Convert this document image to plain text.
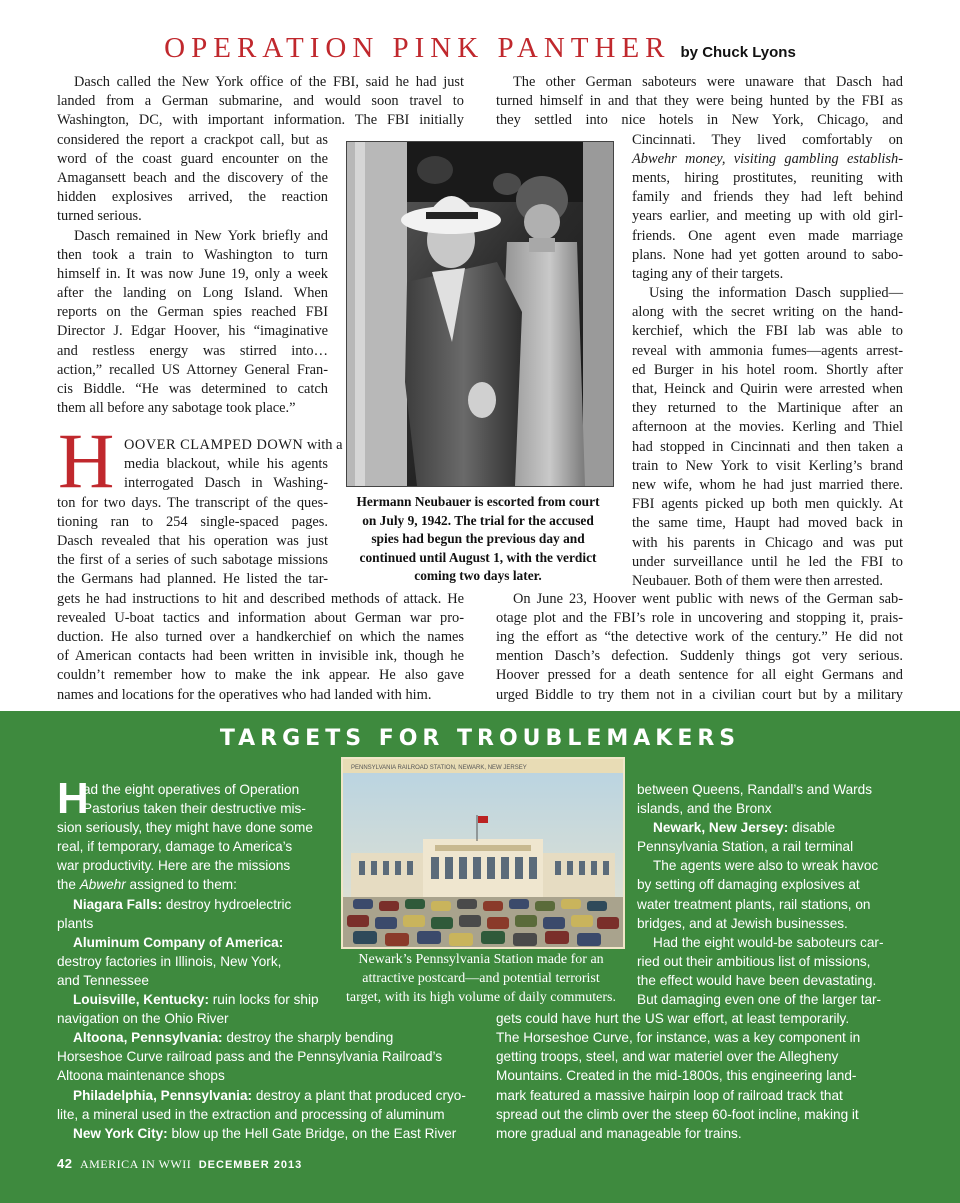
OPERATION PINK PANTHER by Chuck Lyons
Dasch called the New York office of the FBI, said he had just
landed from a German submarine, and would soon travel to
Washington, DC, with important information. The FBI initially
considered the report a crackpot call, but as
word of the coast guard encounter on the
Amagansett beach and the discovery of the
hidden explosives arrived, the reaction
turned serious.
Dasch remained in New York briefly and
then took a train to Washington to turn
himself in. It was now June 19, only a week
after the landing on Long Island. When
reports on the German spies reached FBI
Director J. Edgar Hoover, his “imaginative
and restless energy was stirred into…
action,” recalled US Attorney General Fran-
cis Biddle. “He was determined to catch
them all before any sabotage took place.”
H OOVER CLAMPED DOWN with a
media blackout, while his agents
interrogated Dasch in Washing-
ton for two days. The transcript of the ques-
tioning ran to 254 single-spaced pages.
Dasch revealed that his operation was just
the first of a series of such sabotage missions
the Germans had planned. He listed the tar-
gets he had instructions to hit and described methods of attack. He
revealed U-boat tactics and information about German war pro-
duction. He also turned over a handkerchief on which the names
of American contacts had been written in invisible ink, though he
couldn’t remember how to make the ink appear. He also gave
names and locations for the operatives who had landed with him.
Hermann Neubauer is escorted from court
on July 9, 1942. The trial for the accused
spies had begun the previous day and
continued until August 1, with the verdict
coming two days later.
The other German saboteurs were unaware that Dasch had
turned himself in and that they were being hunted by the FBI as
they settled into nice hotels in New York, Chicago, and
Cincinnati. They lived comfortably on
Abwehr money, visiting gambling establish-
ments, hiring prostitutes, reuniting with
family and friends they had left behind
years earlier, and meeting up with old girl-
friends. One agent even made marriage
plans. None had yet gotten around to sabo-
taging any of their targets.
Using the information Dasch supplied—
along with the secret writing on the hand-
kerchief, which the FBI lab was able to
reveal with ammonia fumes—agents arrest-
ed Burger in his hotel room. Shortly after
that, Heinck and Quirin were arrested when
they returned to the Martinique after an
afternoon at the movies. Kerling and Thiel
had stopped in Cincinnati and then taken a
train to New York to visit Kerling’s brand
new wife, whom he had just married there.
FBI agents picked up both men quickly. At
the same time, Haupt had moved back in
with his parents in Chicago and was put
under surveillance until he led the FBI to
Neubauer. Both of them were then arrested.
On June 23, Hoover went public with news of the German sab-
otage plot and the FBI’s role in uncovering and stopping it, prais-
ing the effort as “the detective work of the century.” He did not
mention Dasch’s defection. Suddenly things got very serious.
Hoover pressed for a death sentence for all eight Germans and
urged Biddle to try them not in a civilian court but by a military
TARGETS FOR TROUBLEMAKERS
H
ad the eight operatives of Operation
Pastorius taken their destructive mis-
sion seriously, they might have done some
real, if temporary, damage to America’s
war productivity. Here are the missions
the Abwehr assigned to them:
Niagara Falls: destroy hydroelectric
plants
Aluminum Company of America:
destroy factories in Illinois, New York,
and Tennessee
Louisville, Kentucky: ruin locks for ship
navigation on the Ohio River
Altoona, Pennsylvania: destroy the sharply bending
Horseshoe Curve railroad pass and the Pennsylvania Railroad’s
Altoona maintenance shops
Philadelphia, Pennsylvania: destroy a plant that produced cryo-
lite, a mineral used in the extraction and processing of aluminum
New York City: blow up the Hell Gate Bridge, on the East River
PENNSYLVANIA RAILROAD STATION, NEWARK, NEW JERSEY
Newark’s Pennsylvania Station made for an
attractive postcard—and potential terrorist
target, with its high volume of daily commuters.
between Queens, Randall’s and Wards
islands, and the Bronx
Newark, New Jersey: disable
Pennsylvania Station, a rail terminal
The agents were also to wreak havoc
by setting off damaging explosives at
water treatment plants, rail stations, on
bridges, and at Jewish businesses.
Had the eight would-be saboteurs car-
ried out their ambitious list of missions,
the effect would have been devastating.
But damaging even one of the larger tar-
gets could have hurt the US war effort, at least temporarily.
The Horseshoe Curve, for instance, was a key component in
getting troops, steel, and war materiel over the Allegheny
Mountains. Created in the mid-1800s, this engineering land-
mark featured a massive hairpin loop of railroad track that
spread out the climb over the steep 60-foot incline, making it
more gradual and manageable for trains.
42 AMERICA IN WWII DECEMBER 2013
